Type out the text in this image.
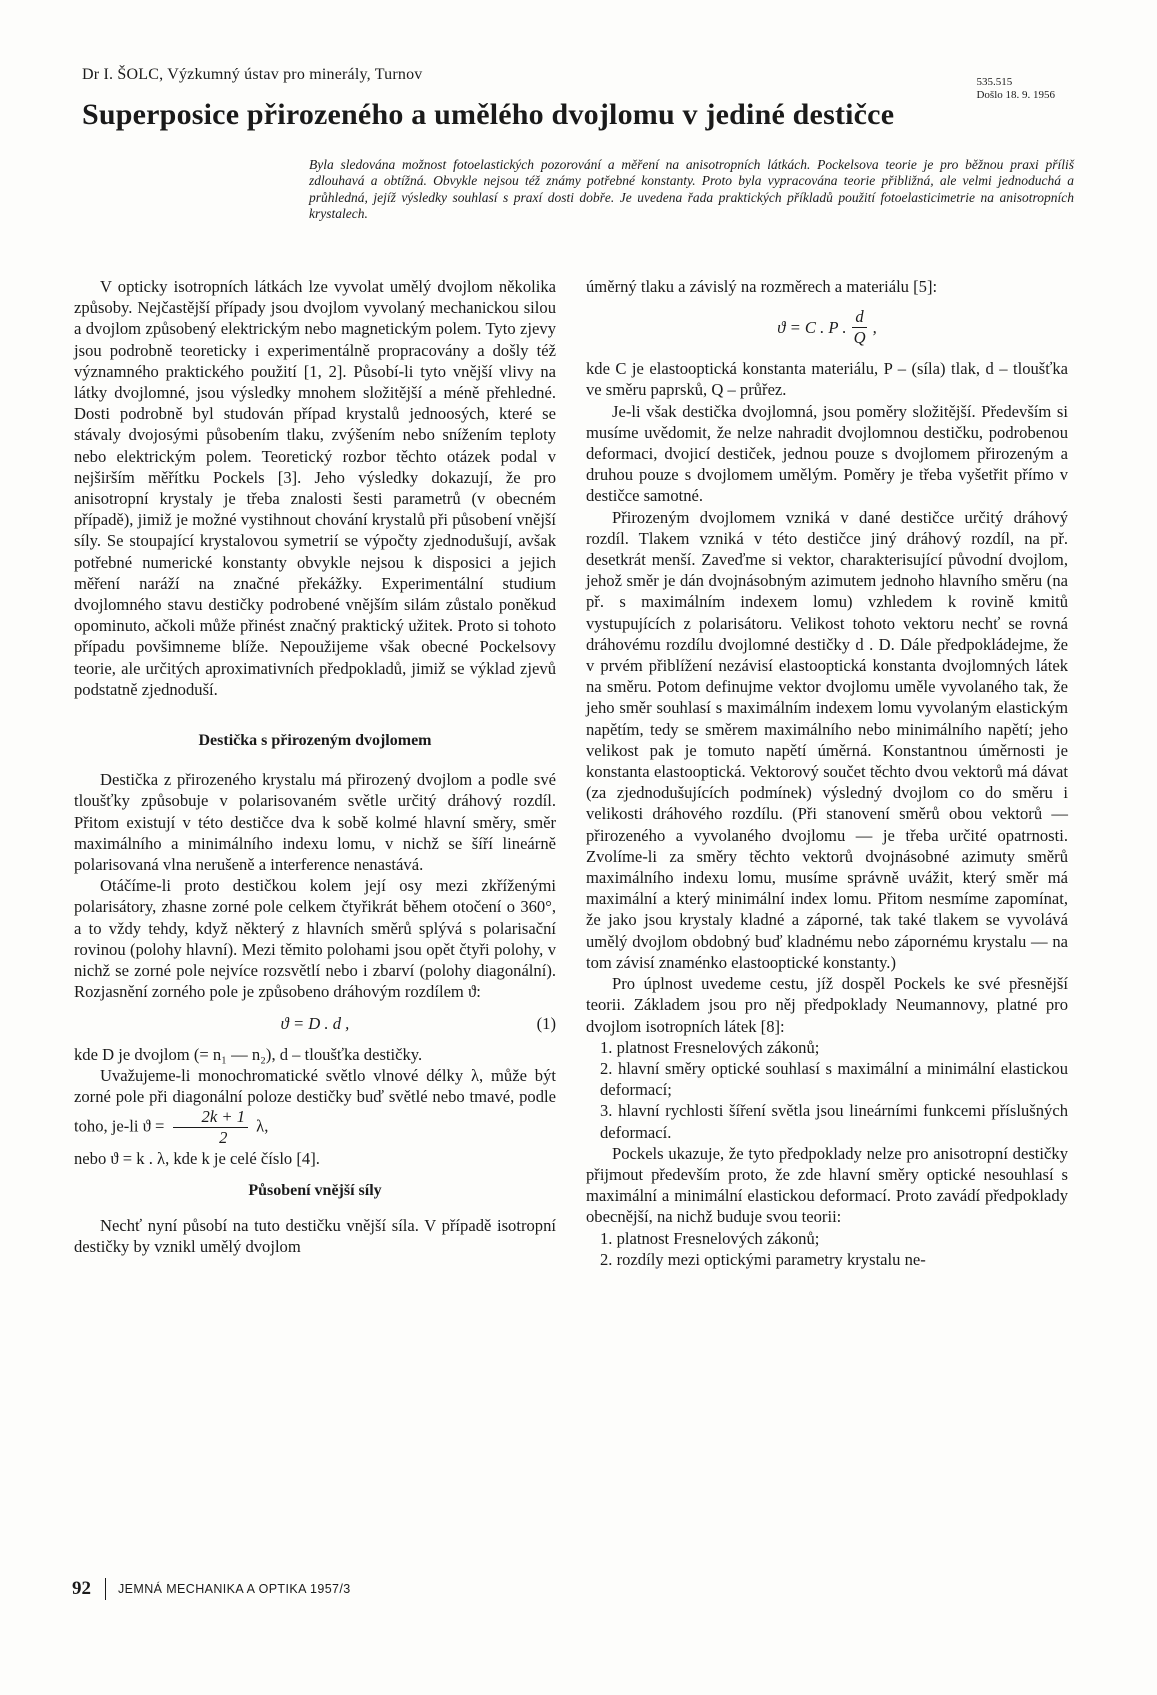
Dr I. ŠOLC, Výzkumný ústav pro minerály, Turnov	535.515
Došlo 18. 9. 1956
Superposice přirozeného a umělého dvojlomu v jediné destičce

Byla sledována možnost fotoelastických pozorování a měření na anisotropních látkách. Pockelsova teorie je pro běžnou praxi příliš zdlouhavá a obtížná. Obvykle nejsou též známy potřebné konstanty. Proto byla vypracována teorie přibližná, ale velmi jednoduchá a průhledná, jejíž výsledky souhlasí s praxí dosti dobře. Je uvedena řada praktických příkladů použití fotoelasticimetrie na anisotropních krystalech.

V opticky isotropních látkách lze vyvolat umělý dvojlom několika způsoby. Nejčastější případy jsou dvojlom vyvolaný mechanickou silou a dvojlom způsobený elektrickým nebo magnetickým polem. Tyto zjevy jsou podrobně teoreticky i experimentálně propracovány a došly též významného praktického použití [1, 2]. Působí-li tyto vnější vlivy na látky dvojlomné, jsou výsledky mnohem složitější a méně přehledné. Dosti podrobně byl studován případ krystalů jednoosých, které se stávaly dvojosými působením tlaku, zvýšením nebo snížením teploty nebo elektrickým polem. Teoretický rozbor těchto otázek podal v nejširším měřítku Pockels [3]. Jeho výsledky dokazují, že pro anisotropní krystaly je třeba znalosti šesti parametrů (v obecném případě), jimiž je možné vystihnout chování krystalů při působení vnější síly. Se stoupající krystalovou symetrií se výpočty zjednodušují, avšak potřebné numerické konstanty obvykle nejsou k disposici a jejich měření naráží na značné překážky. Experimentální studium dvojlomného stavu destičky podrobené vnějším silám zůstalo poněkud opominuto, ačkoli může přinést značný praktický užitek. Proto si tohoto případu povšimneme blíže. Nepoužijeme však obecné Pockelsovy teorie, ale určitých aproximativních předpokladů, jimiž se výklad zjevů podstatně zjednoduší.

Destička s přirozeným dvojlomem

Destička z přirozeného krystalu má přirozený dvojlom a podle své tloušťky způsobuje v polarisovaném světle určitý dráhový rozdíl. Přitom existují v této destičce dva k sobě kolmé hlavní směry, směr maximálního a minimálního indexu lomu, v nichž se šíří lineárně polarisovaná vlna nerušeně a interference nenastává.

Otáčíme-li proto destičkou kolem její osy mezi zkříženými polarisátory, zhasne zorné pole celkem čtyřikrát během otočení o 360°, a to vždy tehdy, když některý z hlavních směrů splývá s polarisační rovinou (polohy hlavní). Mezi těmito polohami jsou opět čtyři polohy, v nichž se zorné pole nejvíce rozsvětlí nebo i zbarví (polohy diagonální). Rozjasnění zorného pole je způsobeno dráhovým rozdílem ϑ:

ϑ = D . d ,	(1)

kde D je dvojlom (= n₁ — n₂), d – tloušťka destičky.

Uvažujeme-li monochromatické světlo vlnové délky λ, může být zorné pole při diagonální poloze destičky buď světlé nebo tmavé, podle toho, je-li $ϑ = \frac{2k + 1}{2} \lambda$,

nebo ϑ = k . λ, kde k je celé číslo [4].

Působení vnější síly

Nechť nyní působí na tuto destičku vnější síla. V případě isotropní destičky by vznikl umělý dvojlom

úměrný tlaku a závislý na rozměrech a materiálu [5]:

ϑ = C . P . $\frac{d}{Q}$ ,

kde C je elastooptická konstanta materiálu, P – (síla) tlak, d – tloušťka ve směru paprsků, Q – průřez.

Je-li však destička dvojlomná, jsou poměry složitější. Především si musíme uvědomit, že nelze nahradit dvojlomnou destičku, podrobenou deformaci, dvojicí destiček, jednou pouze s dvojlomem přirozeným a druhou pouze s dvojlomem umělým. Poměry je třeba vyšetřit přímo v destičce samotné.

Přirozeným dvojlomem vzniká v dané destičce určitý dráhový rozdíl. Tlakem vzniká v této destičce jiný dráhový rozdíl, na př. desetkrát menší. Zaveďme si vektor, charakterisující původní dvojlom, jehož směr je dán dvojnásobným azimutem jednoho hlavního směru (na př. s maximálním indexem lomu) vzhledem k rovině kmitů vystupujících z polarisátoru. Velikost tohoto vektoru nechť se rovná dráhovému rozdílu dvojlomné destičky d . D. Dále předpokládejme, že v prvém přiblížení nezávisí elastooptická konstanta dvojlomných látek na směru. Potom definujme vektor dvojlomu uměle vyvolaného tak, že jeho směr souhlasí s maximálním indexem lomu vyvolaným elastickým napětím, tedy se směrem maximálního nebo minimálního napětí; jeho velikost pak je tomuto napětí úměrná. Konstantnou úměrnosti je konstanta elastooptická. Vektorový součet těchto dvou vektorů má dávat (za zjednodušujících podmínek) výsledný dvojlom co do směru i velikosti dráhového rozdílu. (Při stanovení směrů obou vektorů — přirozeného a vyvolaného dvojlomu — je třeba určité opatrnosti. Zvolíme-li za směry těchto vektorů dvojnásobné azimuty směrů maximálního indexu lomu, musíme správně uvážit, který směr má maximální a který minimální index lomu. Přitom nesmíme zapomínat, že jako jsou krystaly kladné a záporné, tak také tlakem se vyvolává umělý dvojlom obdobný buď kladnému nebo zápornému krystalu — na tom závisí znaménko elastooptické konstanty.)

Pro úplnost uvedeme cestu, jíž dospěl Pockels ke své přesnější teorii. Základem jsou pro něj předpoklady Neumannovy, platné pro dvojlom isotropních látek [8]:

1. platnost Fresnelových zákonů;

2. hlavní směry optické souhlasí s maximální a minimální elastickou deformací;

3. hlavní rychlosti šíření světla jsou lineárními funkcemi příslušných deformací.

Pockels ukazuje, že tyto předpoklady nelze pro anisotropní destičky přijmout především proto, že zde hlavní směry optické nesouhlasí s maximální a minimální elastickou deformací. Proto zavádí předpoklady obecnější, na nichž buduje svou teorii:

1. platnost Fresnelových zákonů;

2. rozdíly mezi optickými parametry krystalu ne-

92 JEMNÁ MECHANIKA A OPTIKA 1957/3
